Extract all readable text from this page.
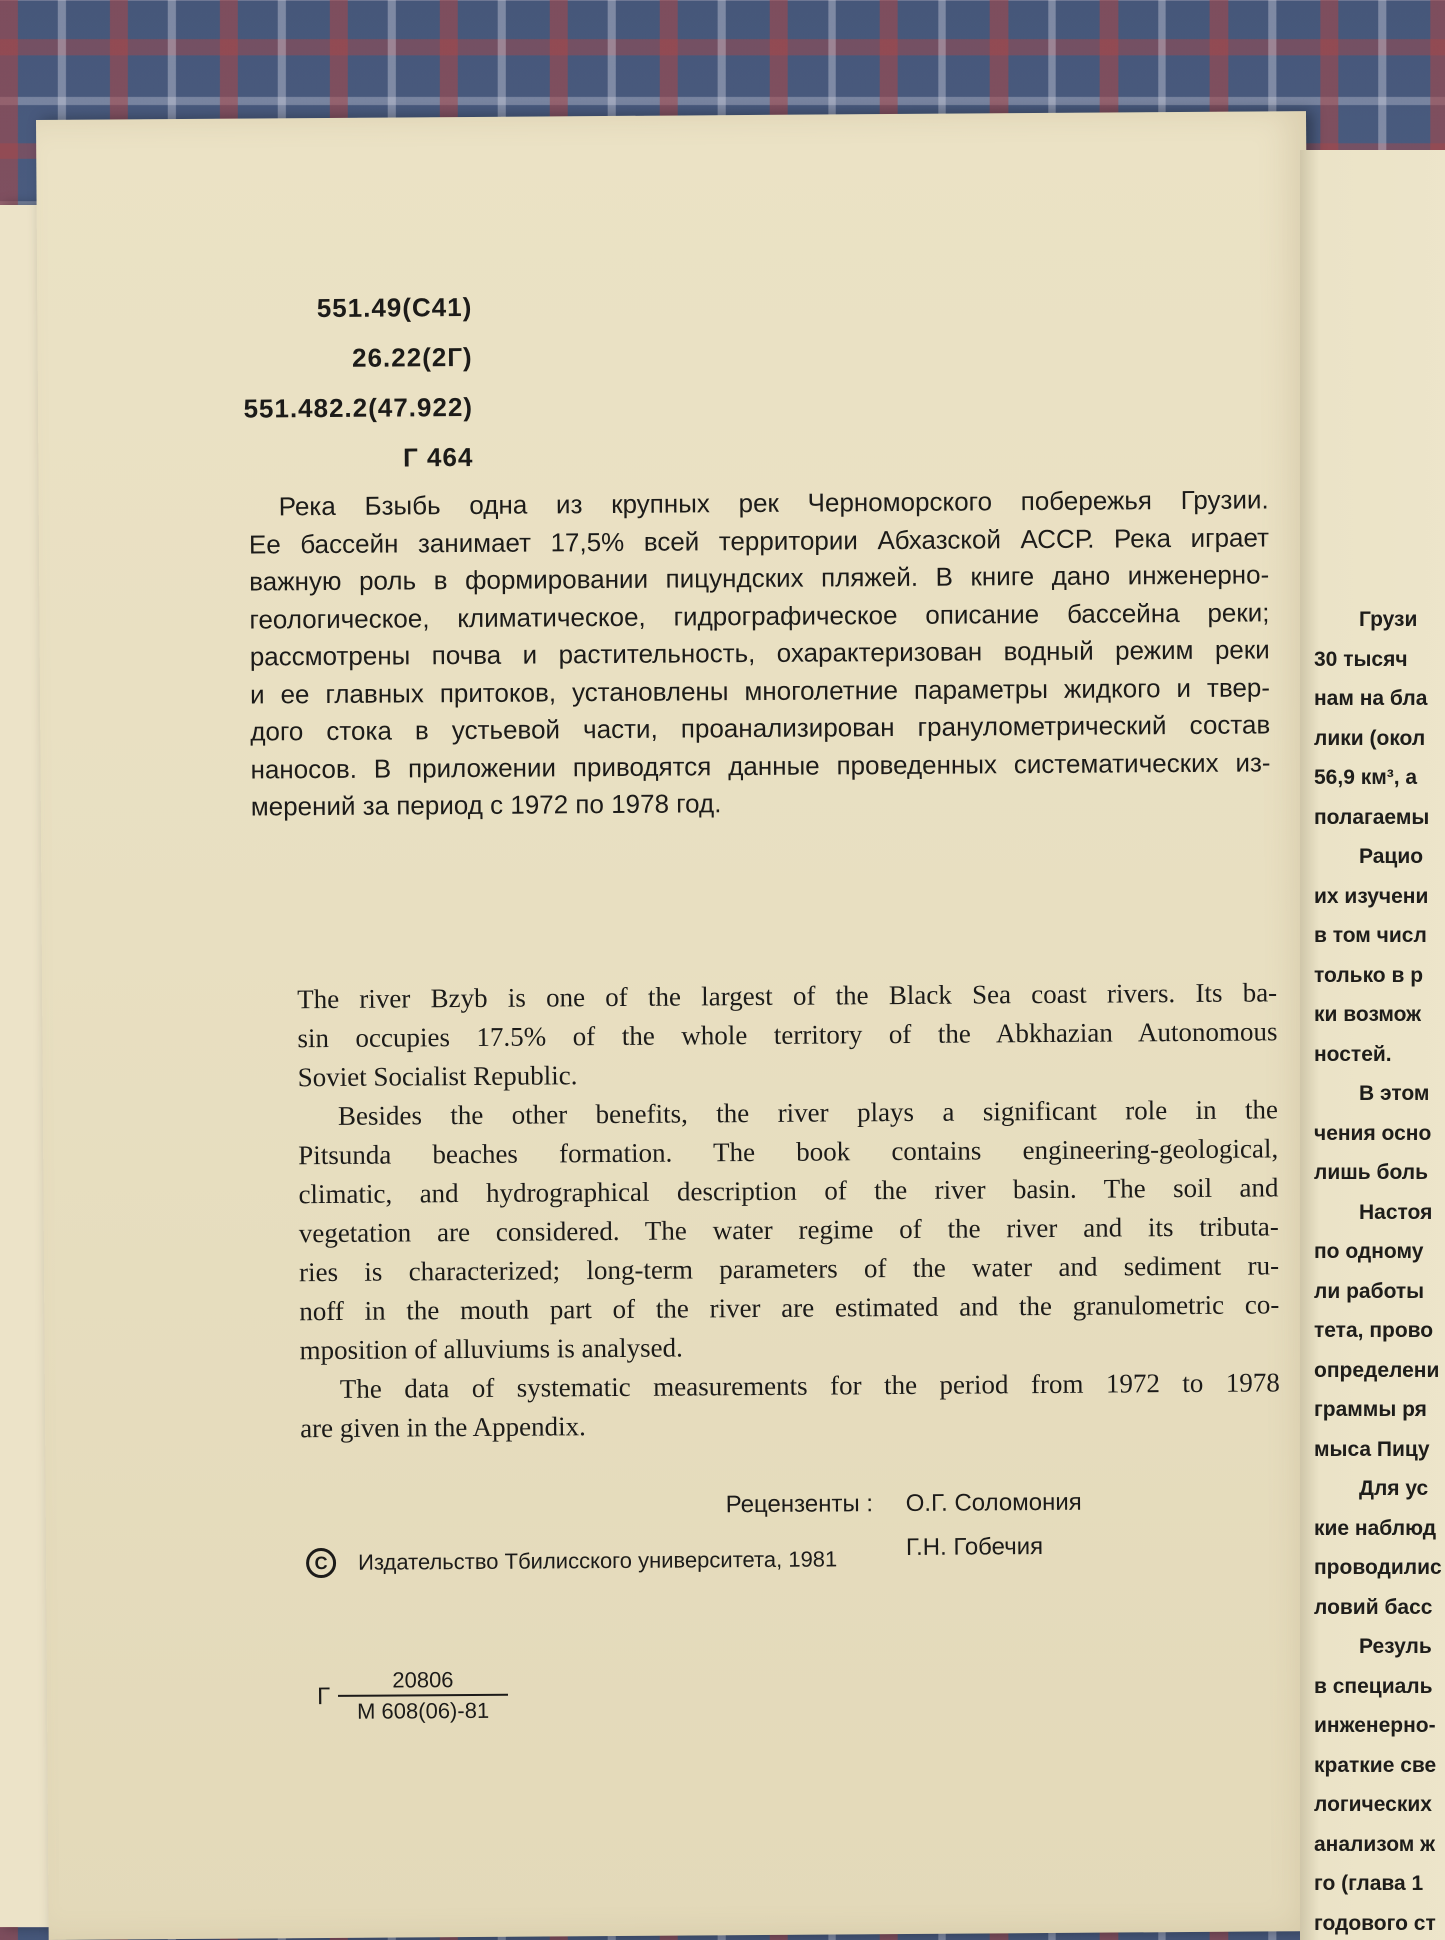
551.49(C41)
26.22(2Г)
551.482.2(47.922)
Г 464
Река Бзыбь одна из крупных рек Черноморского побережья Грузии.
Ее бассейн занимает 17,5% всей территории Абхазской АССР. Река играет
важную роль в формировании пицундских пляжей. В книге дано инженерно-
геологическое, климатическое, гидрографическое описание бассейна реки;
рассмотрены почва и растительность, охарактеризован водный режим реки
и ее главных притоков, установлены многолетние параметры жидкого и твер-
дого стока в устьевой части, проанализирован гранулометрический состав
наносов. В приложении приводятся данные проведенных систематических из-
мерений за период с 1972 по 1978 год.
The river Bzyb is one of the largest of the Black Sea coast rivers. Its ba-
sin occupies 17.5% of the whole territory of the Abkhazian Autonomous
Soviet Socialist Republic.
Besides the other benefits, the river plays a significant role in the
Pitsunda beaches formation. The book contains engineering-geological,
climatic, and hydrographical description of the river basin. The soil and
vegetation are considered. The water regime of the river and its tributa-
ries is characterized; long-term parameters of the water and sediment ru-
noff in the mouth part of the river are estimated and the granulometric co-
mposition of alluviums is analysed.
The data of systematic measurements for the period from 1972 to 1978
are given in the Appendix.
Рецензенты :	О.Г. Соломония
Г.Н. Гобечия
C	Издательство Тбилисского университета, 1981
Г $\frac{20806}{М 608(06)-81}$
Грузи
30 тысяч
нам на бла
лики (окол
56,9 км³, а
полагаемы
Рацио
их изучени
в том числ
только в р
ки возмож
ностей.
В этом
чения осно
лишь боль
Настоя
по одному
ли работы
тета, прово
определени
граммы ря
мыса Пицу
Для ус
кие наблюд
проводилис
ловий басс
Резуль
в специаль
инженерно-
краткие све
логических
анализом ж
го (глава 1
годового ст
